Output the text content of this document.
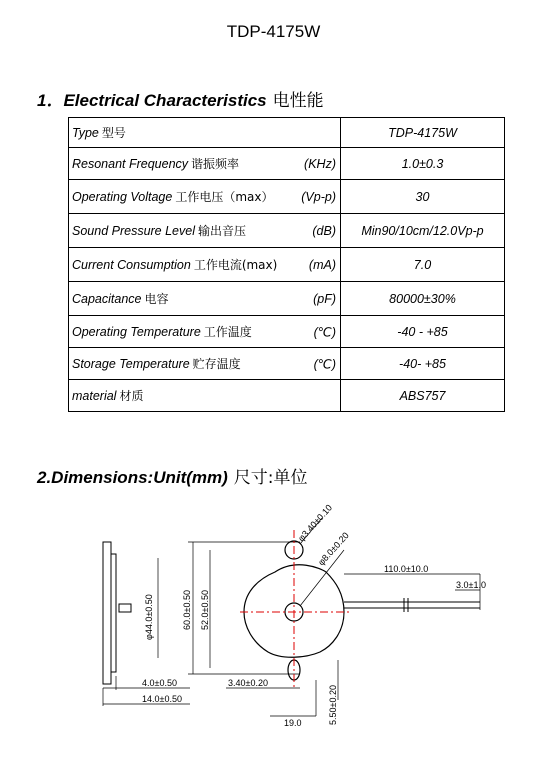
TDP-4175W
1．Electrical Characteristics 电性能
Type 型号	TDP-4175W
Resonant Frequency 谐振频率 (KHz)	1.0±0.3
Operating Voltage 工作电压（max） (Vp-p)	30
Sound Pressure Level 输出音压 (dB)	Min90/10cm/12.0Vp-p
Current Consumption 工作电流(max) (mA)	7.0
Capacitance 电容 (pF)	80000±30%
Operating Temperature 工作温度 (℃)	-40 - +85
Storage Temperature 贮存温度 (℃)	-40- +85
material 材质	ABS757
2.Dimensions:Unit(mm) 尺寸:单位
φ44.0±0.50	60.0±0.50 52.0±0.50
4.0±0.50
14.0±0.50
3.40±0.20
5.50±0.20
19.0
φ3.40±0.10
φ8.0±0.20
110.0±10.0
3.0±1.0
